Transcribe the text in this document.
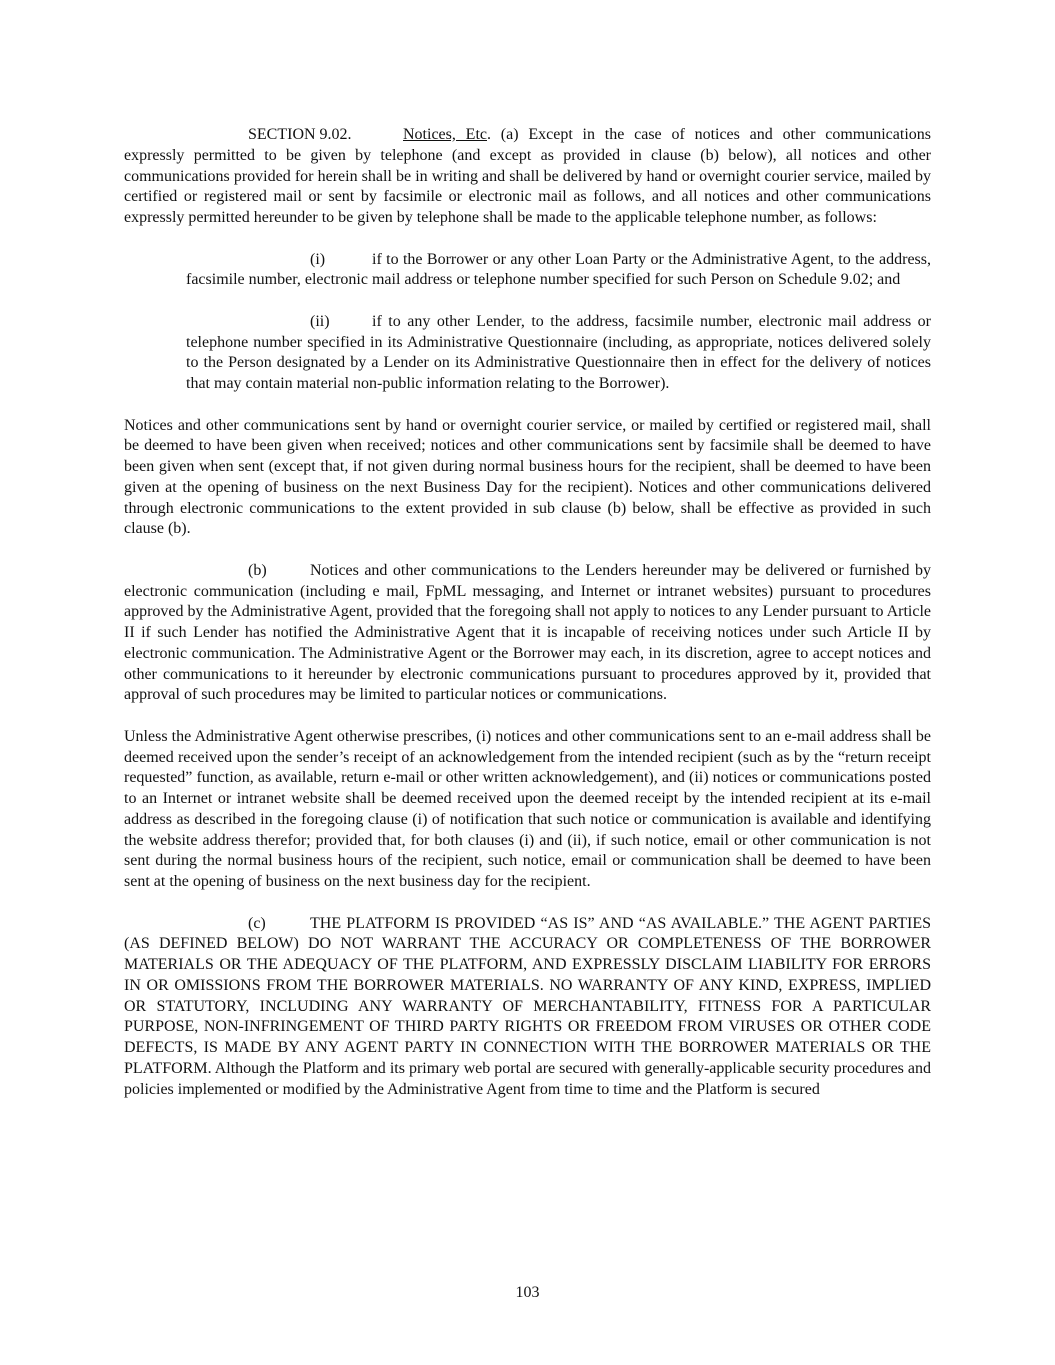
SECTION 9.02.	Notices, Etc. (a) Except in the case of notices and other communications expressly permitted to be given by telephone (and except as provided in clause (b) below), all notices and other communications provided for herein shall be in writing and shall be delivered by hand or overnight courier service, mailed by certified or registered mail or sent by facsimile or electronic mail as follows, and all notices and other communications expressly permitted hereunder to be given by telephone shall be made to the applicable telephone number, as follows:

(i)	if to the Borrower or any other Loan Party or the Administrative Agent, to the address, facsimile number, electronic mail address or telephone number specified for such Person on Schedule 9.02; and

(ii)	if to any other Lender, to the address, facsimile number, electronic mail address or telephone number specified in its Administrative Questionnaire (including, as appropriate, notices delivered solely to the Person designated by a Lender on its Administrative Questionnaire then in effect for the delivery of notices that may contain material non-public information relating to the Borrower).

Notices and other communications sent by hand or overnight courier service, or mailed by certified or registered mail, shall be deemed to have been given when received; notices and other communications sent by facsimile shall be deemed to have been given when sent (except that, if not given during normal business hours for the recipient, shall be deemed to have been given at the opening of business on the next Business Day for the recipient). Notices and other communications delivered through electronic communications to the extent provided in sub clause (b) below, shall be effective as provided in such clause (b).

(b)	Notices and other communications to the Lenders hereunder may be delivered or furnished by electronic communication (including e mail, FpML messaging, and Internet or intranet websites) pursuant to procedures approved by the Administrative Agent, provided that the foregoing shall not apply to notices to any Lender pursuant to Article II if such Lender has notified the Administrative Agent that it is incapable of receiving notices under such Article II by electronic communication. The Administrative Agent or the Borrower may each, in its discretion, agree to accept notices and other communications to it hereunder by electronic communications pursuant to procedures approved by it, provided that approval of such procedures may be limited to particular notices or communications.

Unless the Administrative Agent otherwise prescribes, (i) notices and other communications sent to an e-mail address shall be deemed received upon the sender’s receipt of an acknowledgement from the intended recipient (such as by the “return receipt requested” function, as available, return e-mail or other written acknowledgement), and (ii) notices or communications posted to an Internet or intranet website shall be deemed received upon the deemed receipt by the intended recipient at its e-mail address as described in the foregoing clause (i) of notification that such notice or communication is available and identifying the website address therefor; provided that, for both clauses (i) and (ii), if such notice, email or other communication is not sent during the normal business hours of the recipient, such notice, email or communication shall be deemed to have been sent at the opening of business on the next business day for the recipient.

(c)	THE PLATFORM IS PROVIDED “AS IS” AND “AS AVAILABLE.” THE AGENT PARTIES (AS DEFINED BELOW) DO NOT WARRANT THE ACCURACY OR COMPLETENESS OF THE BORROWER MATERIALS OR THE ADEQUACY OF THE PLATFORM, AND EXPRESSLY DISCLAIM LIABILITY FOR ERRORS IN OR OMISSIONS FROM THE BORROWER MATERIALS. NO WARRANTY OF ANY KIND, EXPRESS, IMPLIED OR STATUTORY, INCLUDING ANY WARRANTY OF MERCHANTABILITY, FITNESS FOR A PARTICULAR PURPOSE, NON-INFRINGEMENT OF THIRD PARTY RIGHTS OR FREEDOM FROM VIRUSES OR OTHER CODE DEFECTS, IS MADE BY ANY AGENT PARTY IN CONNECTION WITH THE BORROWER MATERIALS OR THE PLATFORM. Although the Platform and its primary web portal are secured with generally-applicable security procedures and policies implemented or modified by the Administrative Agent from time to time and the Platform is secured

103
